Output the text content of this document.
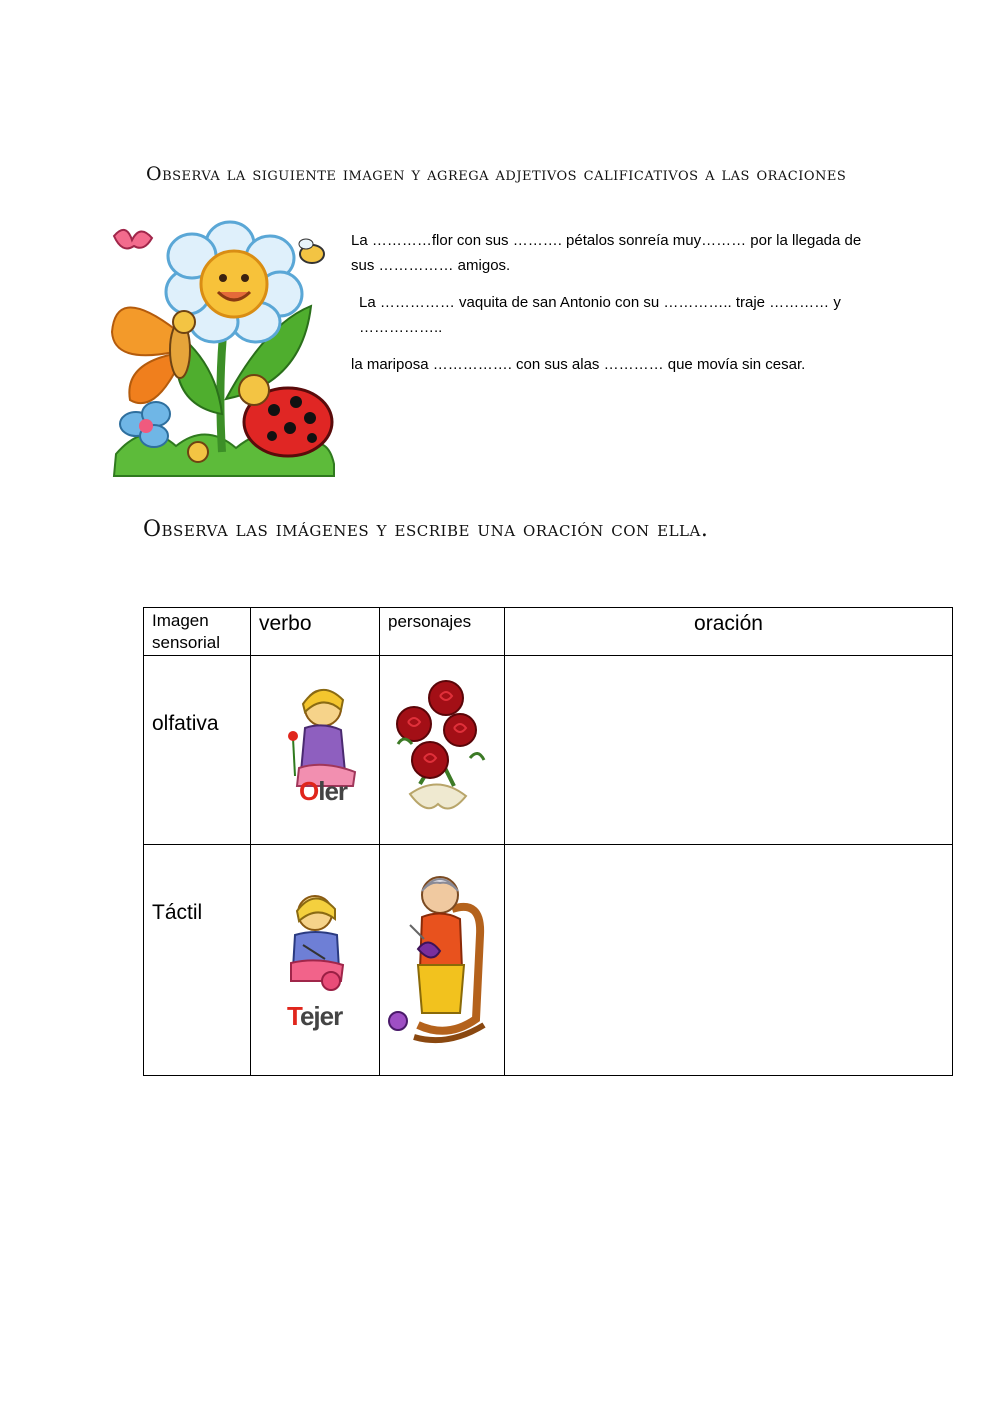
Observa la siguiente imagen y agrega adjetivos calificativos a las oraciones

La …………flor con sus ………. pétalos sonreía muy……… por la llegada de sus …………… amigos.

La …………… vaquita de san Antonio con su ………….. traje ………… y ……………..

la mariposa ……………. con sus alas ………… que movía sin cesar.

Observa las imágenes y escribe una oración con ella.
Imagen sensorial	verbo	personajes	oración
olfativa	Oler

Táctil	Tejer
